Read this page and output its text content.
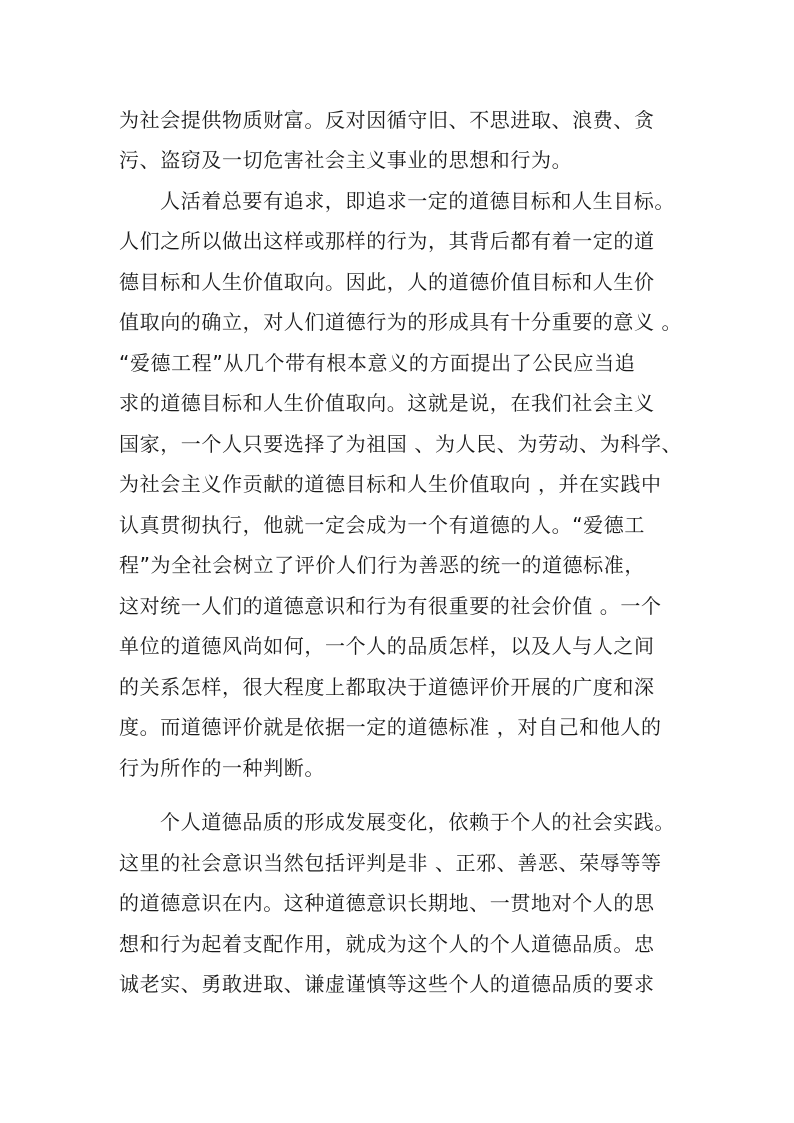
为社会提供物质财富。反对因循守旧、不思进取、浪费、贪
污、盗窃及一切危害社会主义事业的思想和行为。
人活着总要有追求，即追求一定的道德目标和人生目标。
人们之所以做出这样或那样的行为，其背后都有着一定的道
德目标和人生价值取向。因此，人的道德价值目标和人生价
值取向的确立，对人们道德行为的形成具有十分重要的意义 。
“爱德工程”从几个带有根本意义的方面提出了公民应当追
求的道德目标和人生价值取向。这就是说，在我们社会主义
国家，一个人只要选择了为祖国 、为人民、为劳动、为科学、
为社会主义作贡献的道德目标和人生价值取向 ，并在实践中
认真贯彻执行，他就一定会成为一个有道德的人。“爱德工
程”为全社会树立了评价人们行为善恶的统一的道德标准，
这对统一人们的道德意识和行为有很重要的社会价值 。一个
单位的道德风尚如何，一个人的品质怎样，以及人与人之间
的关系怎样，很大程度上都取决于道德评价开展的广度和深
度。而道德评价就是依据一定的道德标准 ，对自己和他人的
行为所作的一种判断。
个人道德品质的形成发展变化，依赖于个人的社会实践。
这里的社会意识当然包括评判是非 、正邪、善恶、荣辱等等
的道德意识在内。这种道德意识长期地、一贯地对个人的思
想和行为起着支配作用，就成为这个人的个人道德品质。忠
诚老实、勇敢进取、谦虚谨慎等这些个人的道德品质的要求
